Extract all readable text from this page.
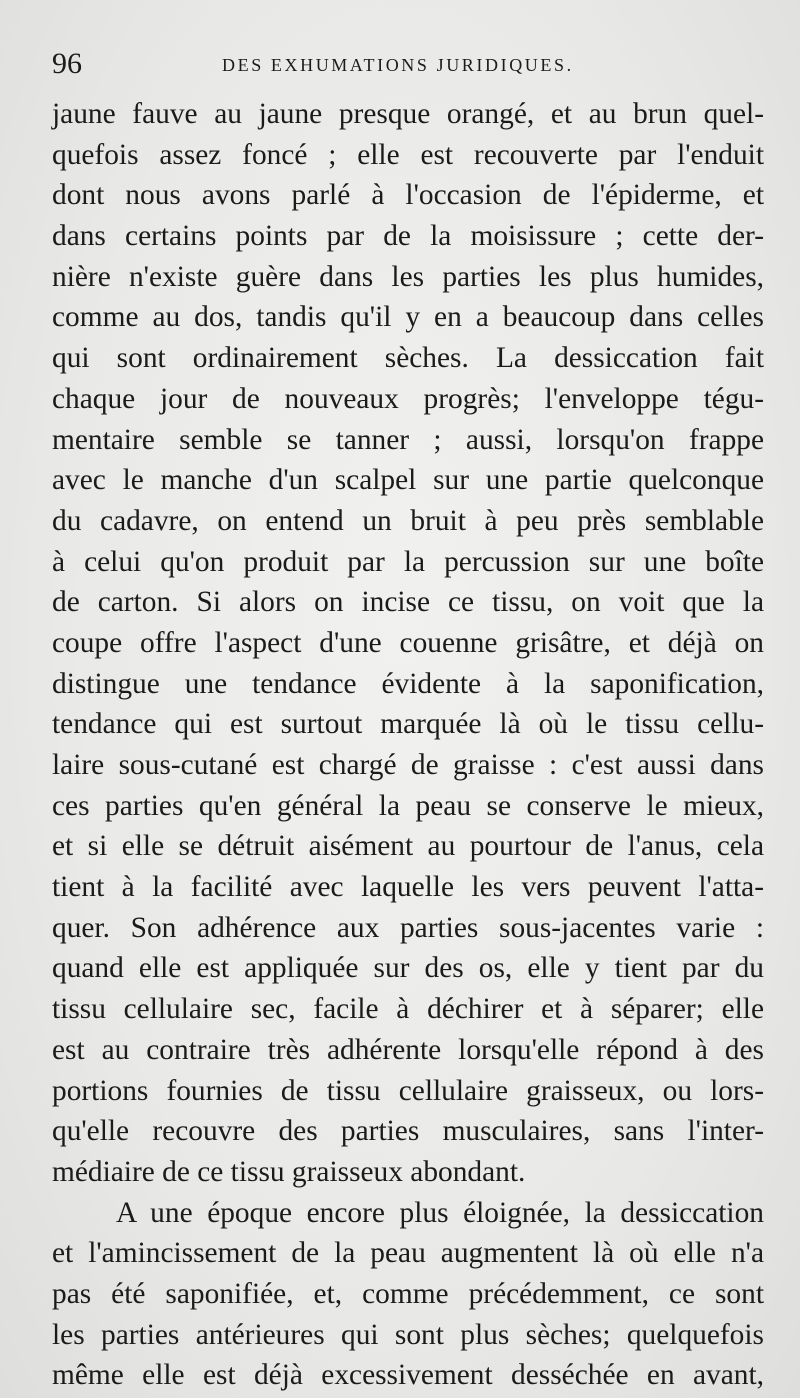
96	DES EXHUMATIONS JURIDIQUES.
jaune fauve au jaune presque orangé, et au brun quel-
quefois assez foncé ; elle est recouverte par l'enduit
dont nous avons parlé à l'occasion de l'épiderme, et
dans certains points par de la moisissure ; cette der-
nière n'existe guère dans les parties les plus humides,
comme au dos, tandis qu'il y en a beaucoup dans celles
qui sont ordinairement sèches. La dessiccation fait
chaque jour de nouveaux progrès; l'enveloppe tégu-
mentaire semble se tanner ; aussi, lorsqu'on frappe
avec le manche d'un scalpel sur une partie quelconque
du cadavre, on entend un bruit à peu près semblable
à celui qu'on produit par la percussion sur une boîte
de carton. Si alors on incise ce tissu, on voit que la
coupe offre l'aspect d'une couenne grisâtre, et déjà on
distingue une tendance évidente à la saponification,
tendance qui est surtout marquée là où le tissu cellu-
laire sous-cutané est chargé de graisse : c'est aussi dans
ces parties qu'en général la peau se conserve le mieux,
et si elle se détruit aisément au pourtour de l'anus, cela
tient à la facilité avec laquelle les vers peuvent l'atta-
quer. Son adhérence aux parties sous-jacentes varie :
quand elle est appliquée sur des os, elle y tient par du
tissu cellulaire sec, facile à déchirer et à séparer; elle
est au contraire très adhérente lorsqu'elle répond à des
portions fournies de tissu cellulaire graisseux, ou lors-
qu'elle recouvre des parties musculaires, sans l'inter-
médiaire de ce tissu graisseux abondant.
A une époque encore plus éloignée, la dessiccation
et l'amincissement de la peau augmentent là où elle n'a
pas été saponifiée, et, comme précédemment, ce sont
les parties antérieures qui sont plus sèches; quelquefois
même elle est déjà excessivement desséchée en avant,
